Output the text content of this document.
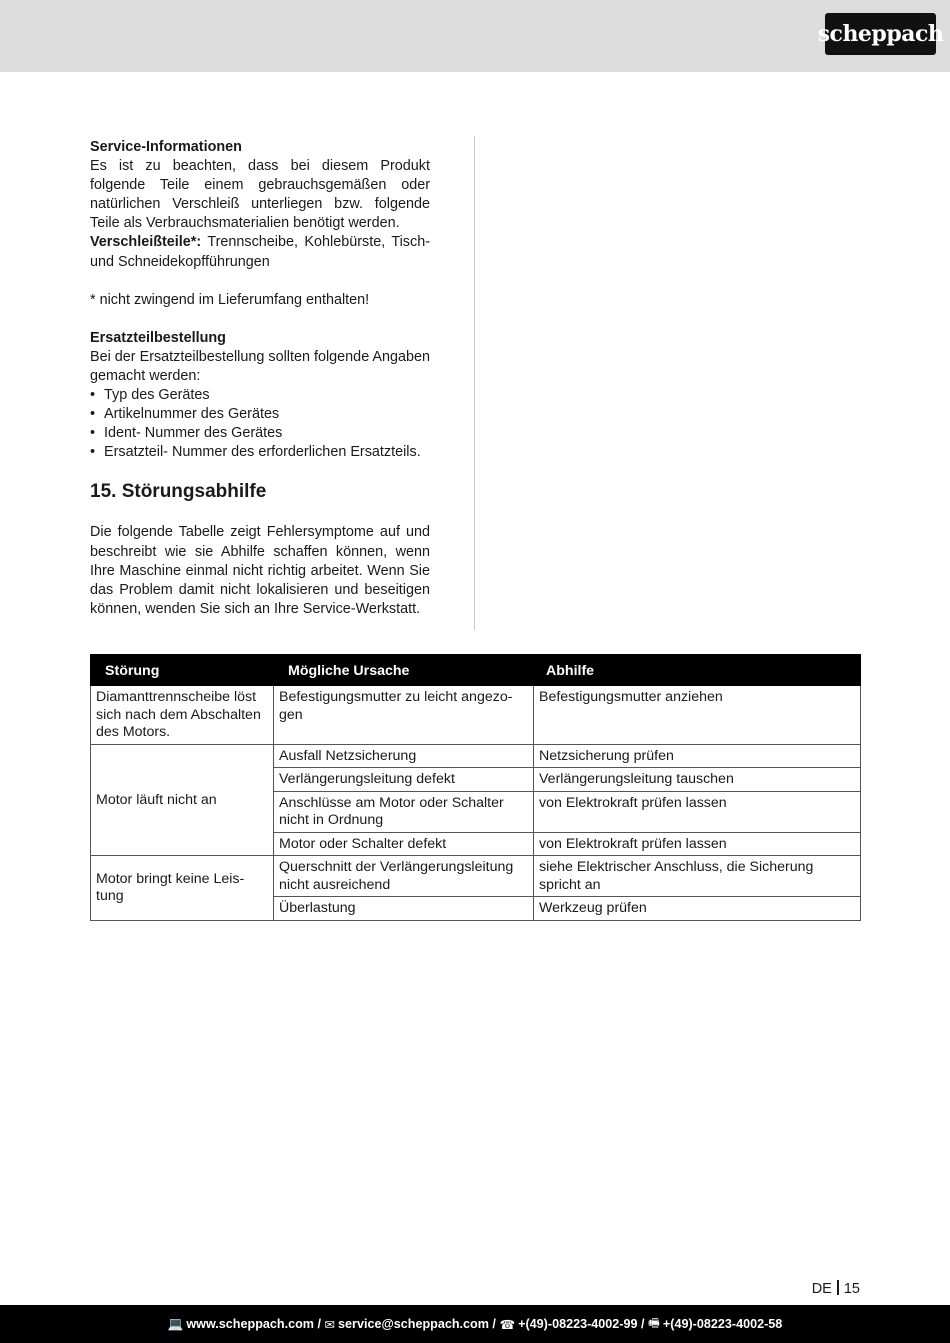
scheppach

Service-Informationen

Es ist zu beachten, dass bei diesem Produkt folgende Teile einem gebrauchsgemäßen oder natürlichen Verschleiß unterliegen bzw. folgende Teile als Verbrauchsmaterialien benötigt werden.

Verschleißteile*: Trennscheibe, Kohlebürste, Tisch- und Schneidekopfführungen

* nicht zwingend im Lieferumfang enthalten!

Ersatzteilbestellung

Bei der Ersatzteilbestellung sollten folgende Angaben gemacht werden:

• Typ des Gerätes
• Artikelnummer des Gerätes
• Ident- Nummer des Gerätes
• Ersatzteil- Nummer des erforderlichen Ersatzteils.
15. Störungsabhilfe

Die folgende Tabelle zeigt Fehlersymptome auf und beschreibt wie sie Abhilfe schaffen können, wenn Ihre Maschine einmal nicht richtig arbeitet. Wenn Sie das Problem damit nicht lokalisieren und beseitigen können, wenden Sie sich an Ihre Service-Werkstatt.

Störung	Mögliche Ursache	Abhilfe
Diamanttrennscheibe löst sich nach dem Abschalten des Motors.	Befestigungsmutter zu leicht angezo-gen	Befestigungsmutter anziehen
Motor läuft nicht an	Ausfall Netzsicherung	Netzsicherung prüfen
	Verlängerungsleitung defekt	Verlängerungsleitung tauschen
	Anschlüsse am Motor oder Schalter nicht in Ordnung	von Elektrokraft prüfen lassen
	Motor oder Schalter defekt	von Elektrokraft prüfen lassen
Motor bringt keine Leis-tung	Querschnitt der Verlängerungsleitung nicht ausreichend	siehe Elektrischer Anschluss, die Sicherung spricht an
	Überlastung	Werkzeug prüfen
DE 15
💻 www.scheppach.com / ✉ service@scheppach.com / ☎ +(49)-08223-4002-99 / 🖷 +(49)-08223-4002-58
